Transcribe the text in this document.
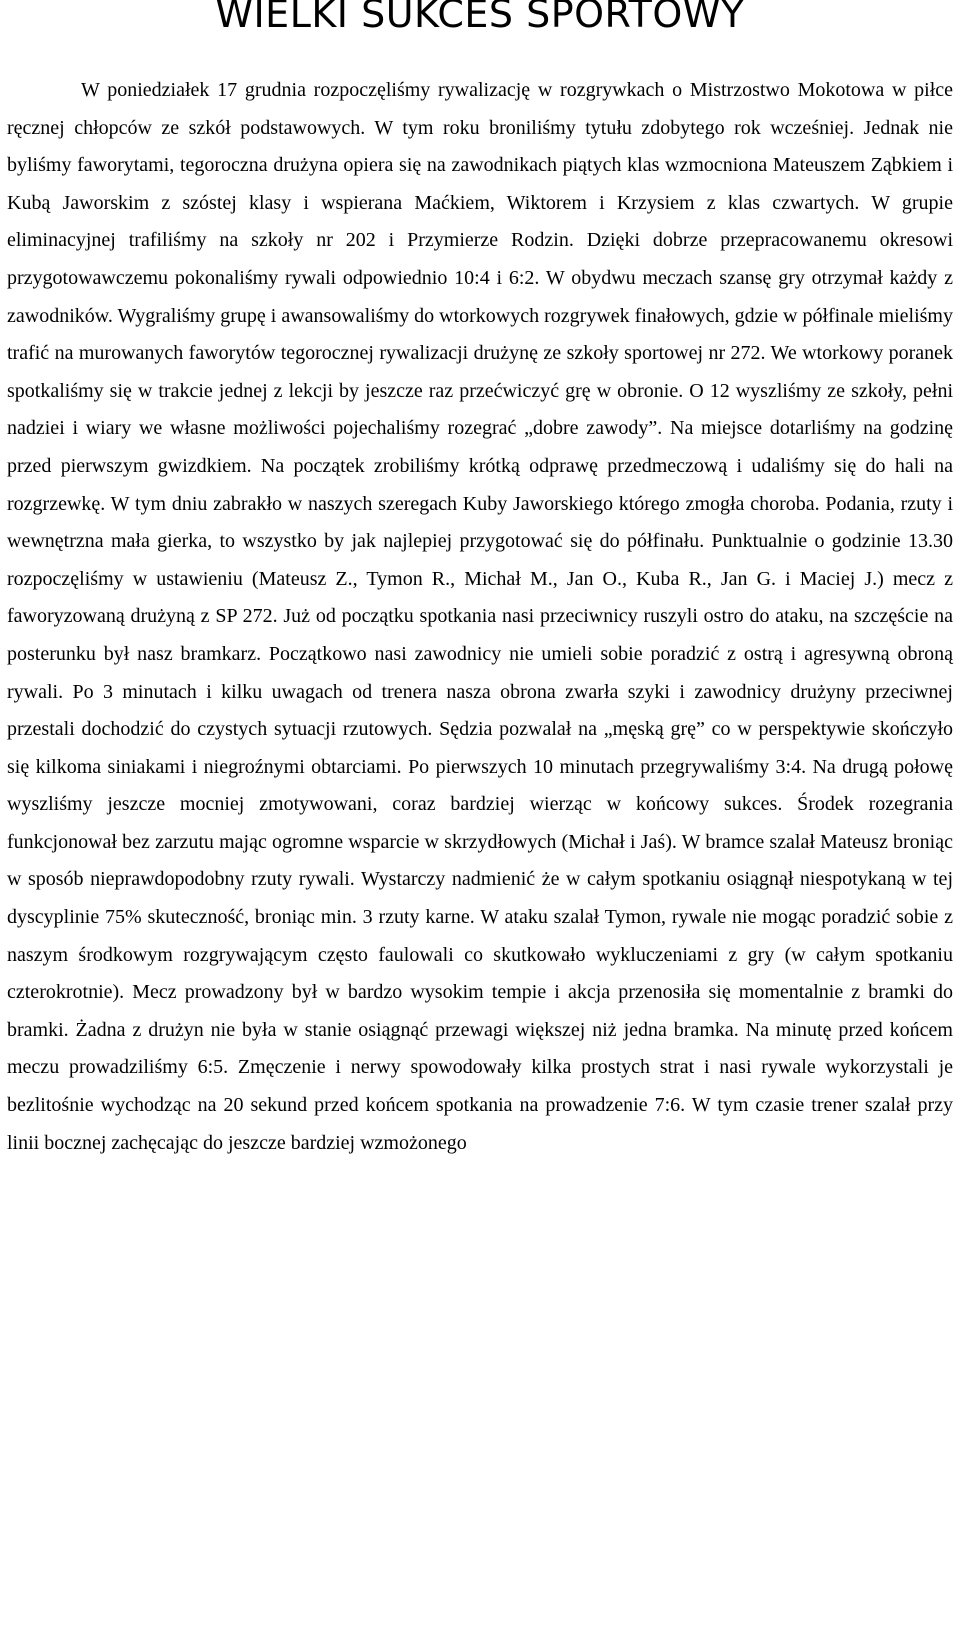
WIELKI SUKCES SPORTOWY

W poniedziałek 17 grudnia rozpoczęliśmy rywalizację w rozgrywkach o Mistrzostwo Mokotowa w piłce ręcznej chłopców ze szkół podstawowych. W tym roku broniliśmy tytułu zdobytego rok wcześniej. Jednak nie byliśmy faworytami, tegoroczna drużyna opiera się na zawodnikach piątych klas wzmocniona Mateuszem Ząbkiem i Kubą Jaworskim z szóstej klasy i wspierana Maćkiem, Wiktorem i Krzysiem z klas czwartych. W grupie eliminacyjnej trafiliśmy na szkoły nr 202 i Przymierze Rodzin. Dzięki dobrze przepracowanemu okresowi przygotowawczemu pokonaliśmy rywali odpowiednio 10:4 i 6:2. W obydwu meczach szansę gry otrzymał każdy z zawodników. Wygraliśmy grupę i awansowaliśmy do wtorkowych rozgrywek finałowych, gdzie w półfinale mieliśmy trafić na murowanych faworytów tegorocznej rywalizacji drużynę ze szkoły sportowej nr 272. We wtorkowy poranek spotkaliśmy się w trakcie jednej z lekcji by jeszcze raz przećwiczyć grę w obronie. O 12 wyszliśmy ze szkoły, pełni nadziei i wiary we własne możliwości pojechaliśmy rozegrać „dobre zawody”. Na miejsce dotarliśmy na godzinę przed pierwszym gwizdkiem. Na początek zrobiliśmy krótką odprawę przedmeczową i udaliśmy się do hali na rozgrzewkę. W tym dniu zabrakło w naszych szeregach Kuby Jaworskiego którego zmogła choroba. Podania, rzuty i wewnętrzna mała gierka, to wszystko by jak najlepiej przygotować się do półfinału. Punktualnie o godzinie 13.30 rozpoczęliśmy w ustawieniu (Mateusz Z., Tymon R., Michał M., Jan O., Kuba R., Jan G. i Maciej J.) mecz z faworyzowaną drużyną z SP 272. Już od początku spotkania nasi przeciwnicy ruszyli ostro do ataku, na szczęście na posterunku był nasz bramkarz. Początkowo nasi zawodnicy nie umieli sobie poradzić z ostrą i agresywną obroną rywali. Po 3 minutach i kilku uwagach od trenera nasza obrona zwarła szyki i zawodnicy drużyny przeciwnej przestali dochodzić do czystych sytuacji rzutowych. Sędzia pozwalał na „męską grę” co w perspektywie skończyło się kilkoma siniakami i niegroźnymi obtarciami. Po pierwszych 10 minutach przegrywaliśmy 3:4. Na drugą połowę wyszliśmy jeszcze mocniej zmotywowani, coraz bardziej wierząc w końcowy sukces. Środek rozegrania funkcjonował bez zarzutu mając ogromne wsparcie w skrzydłowych (Michał i Jaś). W bramce szalał Mateusz broniąc w sposób nieprawdopodobny rzuty rywali. Wystarczy nadmienić że w całym spotkaniu osiągnął niespotykaną w tej dyscyplinie 75% skuteczność, broniąc min. 3 rzuty karne. W ataku szalał Tymon, rywale nie mogąc poradzić sobie z naszym środkowym rozgrywającym często faulowali co skutkowało wykluczeniami z gry (w całym spotkaniu czterokrotnie). Mecz prowadzony był w bardzo wysokim tempie i akcja przenosiła się momentalnie z bramki do bramki. Żadna z drużyn nie była w stanie osiągnąć przewagi większej niż jedna bramka. Na minutę przed końcem meczu prowadziliśmy 6:5. Zmęczenie i nerwy spowodowały kilka prostych strat i nasi rywale wykorzystali je bezlitośnie wychodząc na 20 sekund przed końcem spotkania na prowadzenie 7:6. W tym czasie trener szalał przy linii bocznej zachęcając do jeszcze bardziej wzmożonego
